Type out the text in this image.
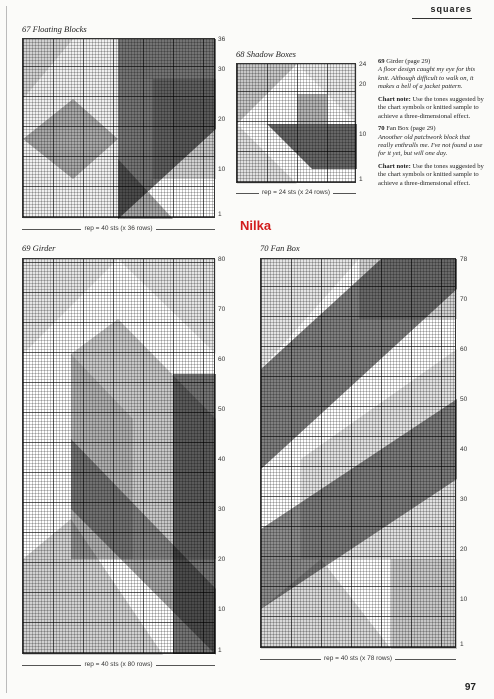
squares
67 Floating Blocks
36
30
20
10
1
rep = 40 sts (x 36 rows)
68 Shadow Boxes
24
20
10
1
rep = 24 sts (x 24 rows)

69 Girder (page 29)
A floor design caught my eye for this knit. Although difficult to walk on, it makes a bell of a jacket pattern.

Chart note: Use the tones suggested by the chart symbols or knitted sample to achieve a three-dimensional effect.

70 Fan Box (page 29)
Anoother old patchwork block that really enthralls me. I've not found a use for it yet, but will one day.

Chart note: Use the tones suggested by the chart symbols or knitted sample to achieve a three-dimensional effect.

Nilka
69 Girder
80
70
60
50
40
30
20
10
1
rep = 40 sts (x 80 rows)
70 Fan Box
78
70
60
50
40
30
20
10
1
rep = 40 sts (x 78 rows)
97
